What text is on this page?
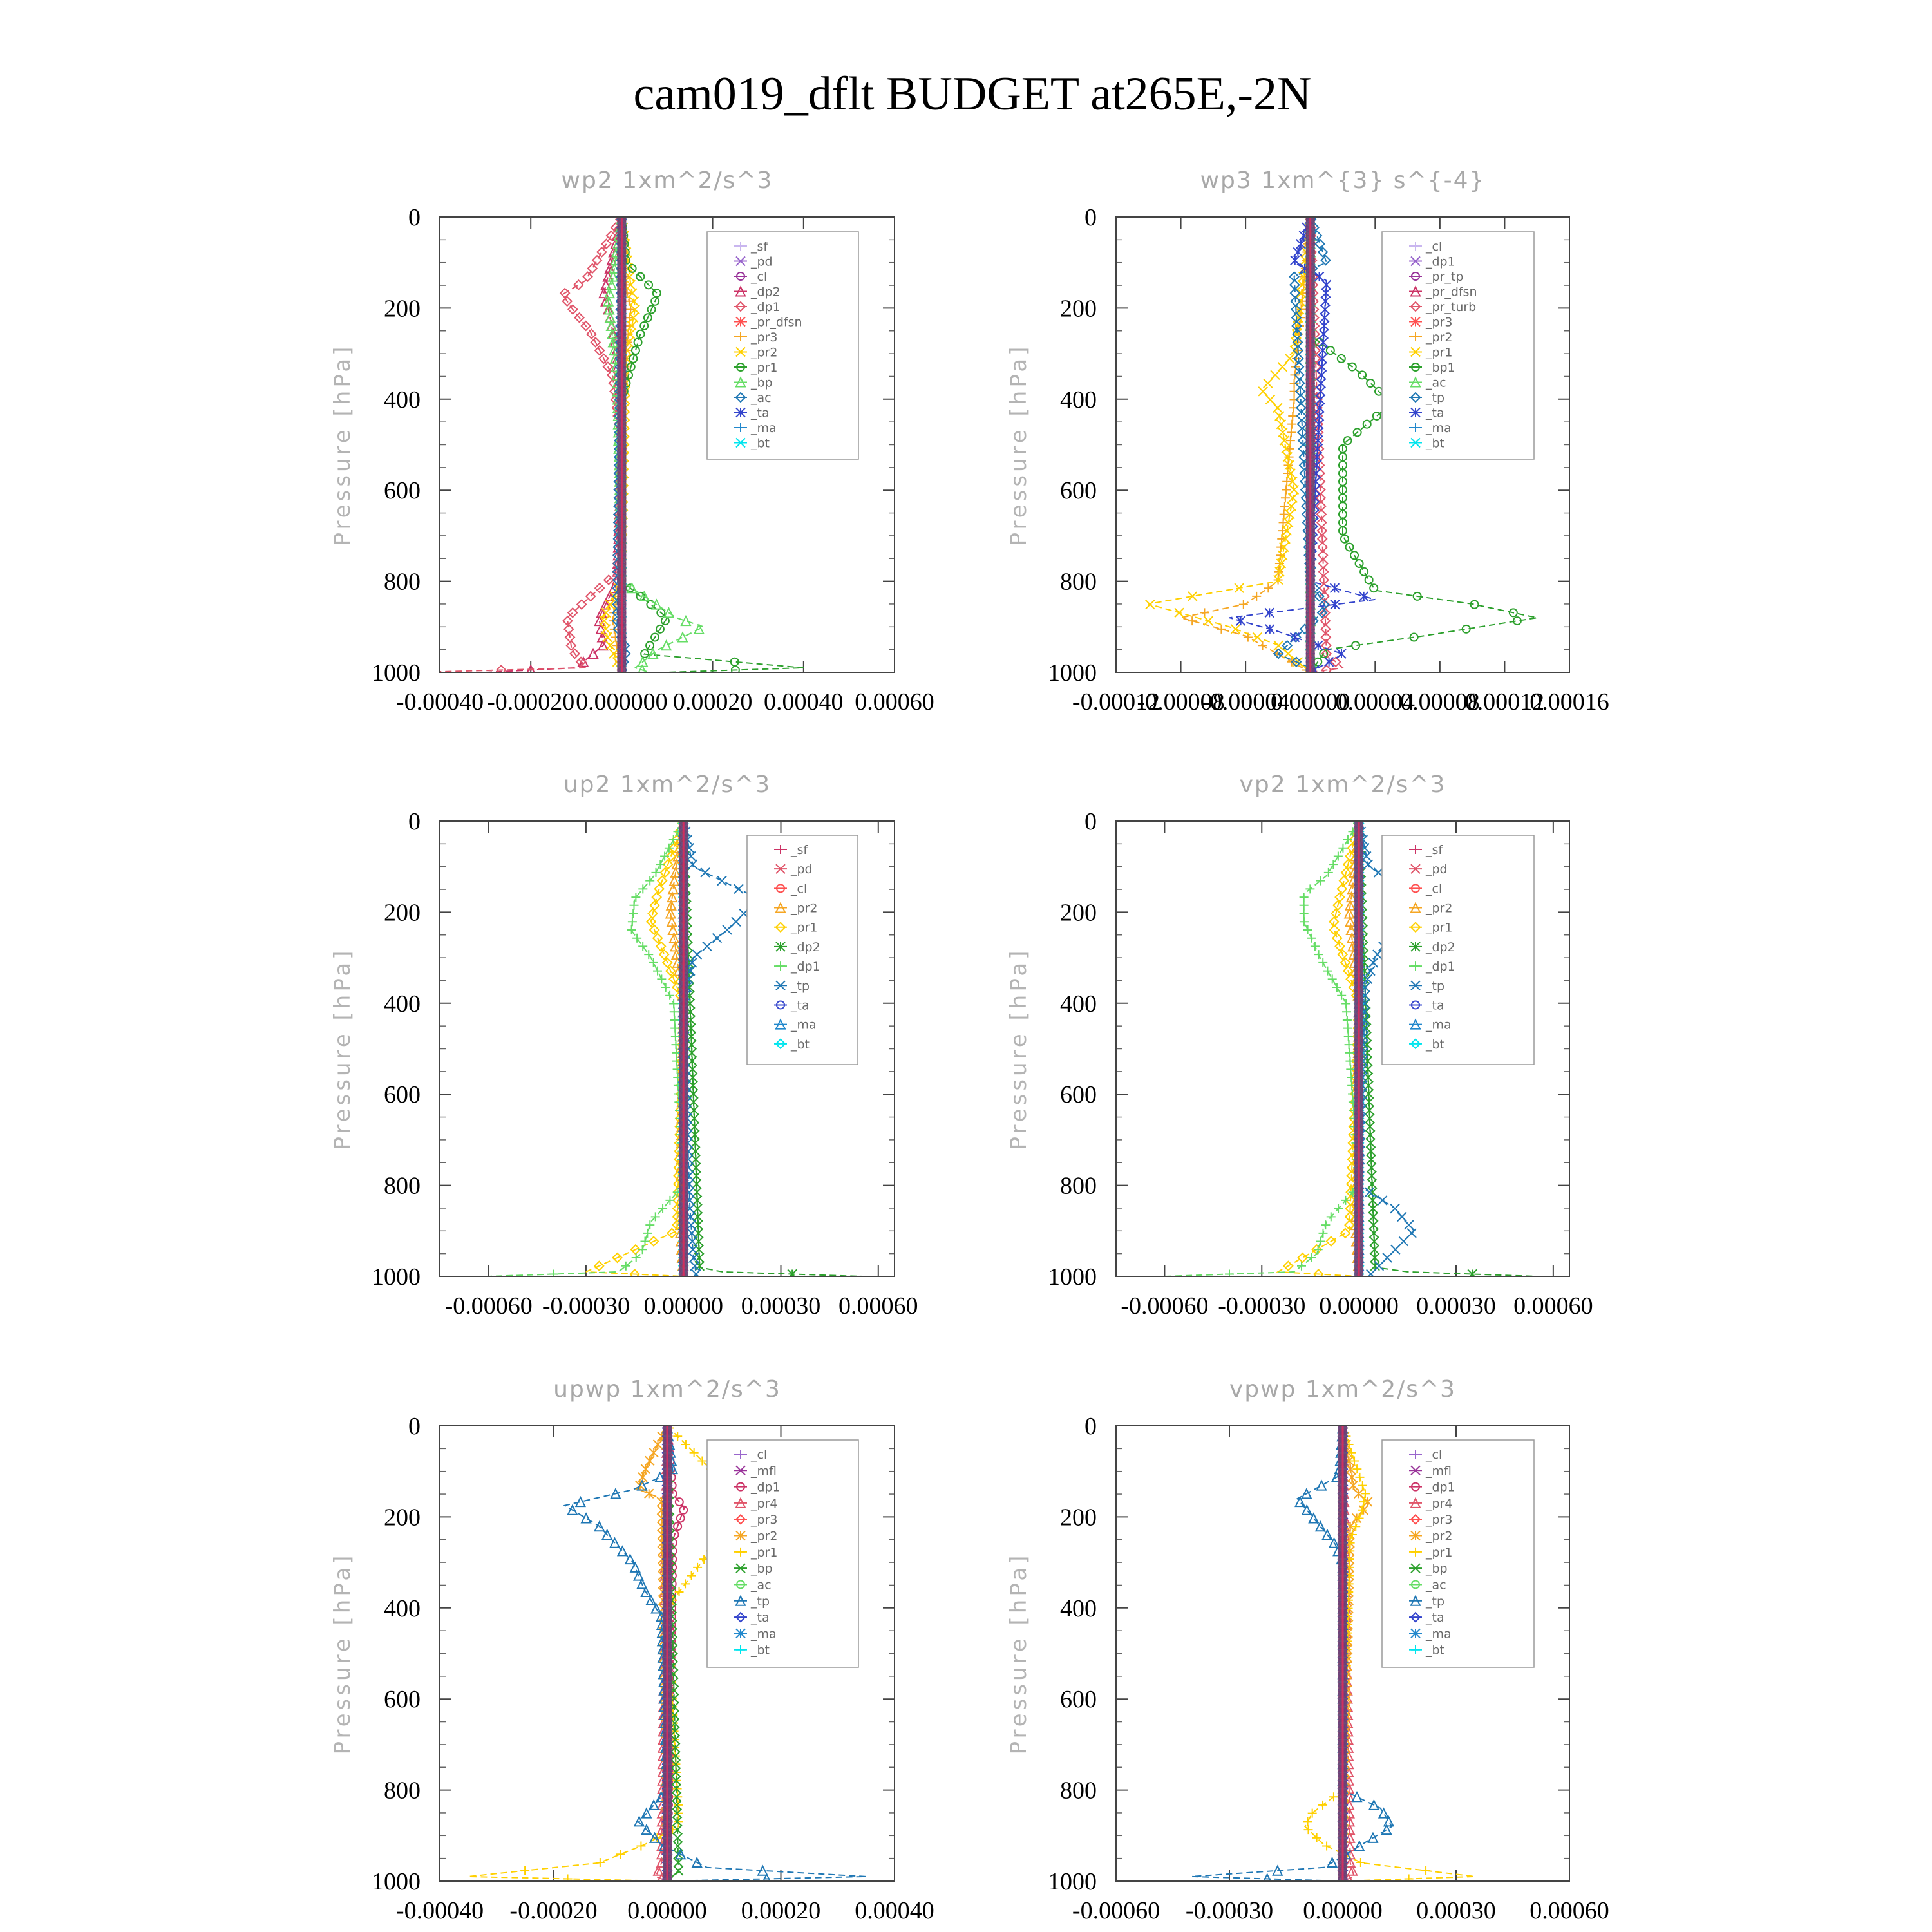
cam019_dflt BUDGET at265E,-2N
wp2 1xm^2/s^3
Pressure [hPa]
0
200
400
600
800
1000
-0.00040 -0.00020 0.000000 0.00020 0.00040 0.00060
_sf
_pd
_cl
_dp2
_dp1
_pr_dfsn
_pr3
_pr2
_pr1
_bp
_ac
_ta
_ma
_bt
wp3 1xm^{3} s^{-4}
Pressure [hPa]
0
200
400
600
800
1000
-0.00012
-0.00008
-0.00004
0.00000
0.00004
0.00008
0.00012
0.00016
_cl
_dp1
_pr_tp
_pr_dfsn
_pr_turb
_pr3
_pr2
_pr1
_bp1
_ac
_tp
_ta
_ma
_bt
up2 1xm^2/s^3
Pressure [hPa]
0
200
400
600
800
1000
-0.00060 -0.00030 0.00000 0.00030 0.00060
_sf
_pd
_cl
_pr2
_pr1
_dp2
_dp1
_tp
_ta
_ma
_bt
vp2 1xm^2/s^3
Pressure [hPa]
0
200
400
600
800
1000
-0.00060 -0.00030 0.00000 0.00030 0.00060
_sf
_pd
_cl
_pr2
_pr1
_dp2
_dp1
_tp
_ta
_ma
_bt
upwp 1xm^2/s^3
Pressure [hPa]
0
200
400
600
800
1000
-0.00040 -0.00020 0.00000 0.00020 0.00040
_cl
_mfl
_dp1
_pr4
_pr3
_pr2
_pr1
_bp
_ac
_tp
_ta
_ma
_bt
vpwp 1xm^2/s^3
Pressure [hPa]
0
200
400
600
800
1000
-0.00060 -0.00030 0.00000 0.00030 0.00060
_cl
_mfl
_dp1
_pr4
_pr3
_pr2
_pr1
_bp
_ac
_tp
_ta
_ma
_bt
